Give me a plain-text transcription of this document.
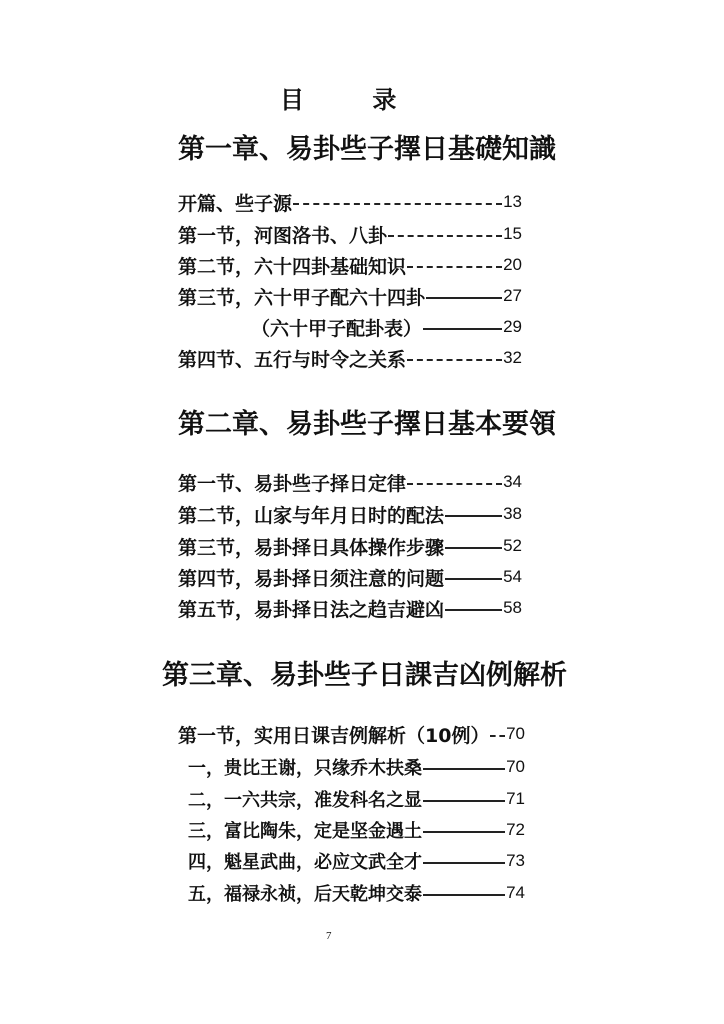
目 录
第一章、易卦些子擇日基礎知識
开篇、些子源	13
第一节，河图洛书、八卦	15
第二节，六十四卦基础知识	20
第三节，六十甲子配六十四卦	27
（六十甲子配卦表）	29
第四节、五行与时令之关系	32
第二章、易卦些子擇日基本要領
第一节、易卦些子择日定律	34
第二节，山家与年月日时的配法	38
第三节，易卦择日具体操作步骤	52
第四节，易卦择日须注意的问题	54
第五节，易卦择日法之趋吉避凶	58
第三章、易卦些子日課吉凶例解析
第一节，实用日课吉例解析（10例） 70
一，贵比王谢，只缘乔木扶桑	70
二，一六共宗，准发科名之显	71
三，富比陶朱，定是坚金遇土	72
四，魁星武曲，必应文武全才	73
五，福禄永祯，后天乾坤交泰	74
7
